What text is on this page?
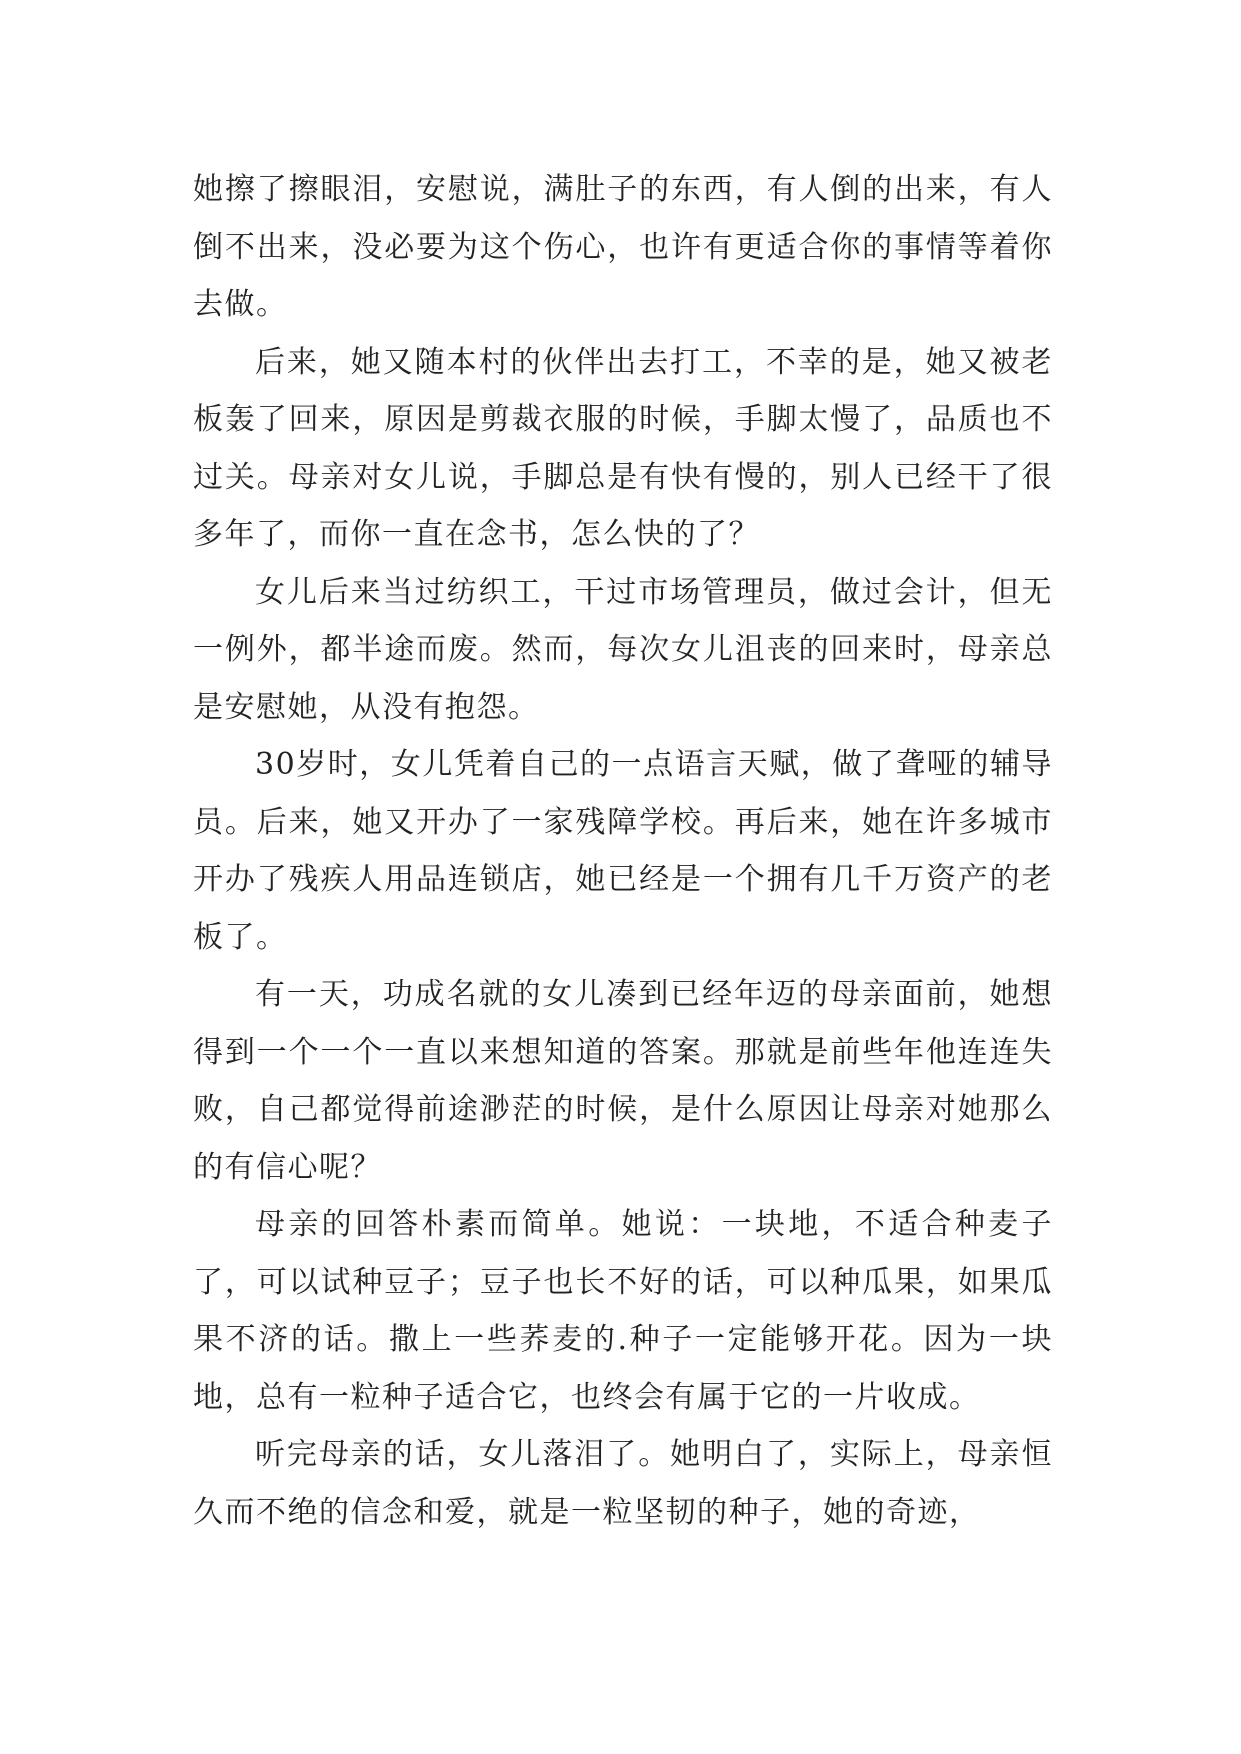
她擦了擦眼泪，安慰说，满肚子的东西，有人倒的出来，有人倒不出来，没必要为这个伤心，也许有更适合你的事情等着你去做。

后来，她又随本村的伙伴出去打工，不幸的是，她又被老板轰了回来，原因是剪裁衣服的时候，手脚太慢了，品质也不过关。母亲对女儿说，手脚总是有快有慢的，别人已经干了很多年了，而你一直在念书，怎么快的了？

女儿后来当过纺织工，干过市场管理员，做过会计，但无一例外，都半途而废。然而，每次女儿沮丧的回来时，母亲总是安慰她，从没有抱怨。

30岁时，女儿凭着自己的一点语言天赋，做了聋哑的辅导员。后来，她又开办了一家残障学校。再后来，她在许多城市开办了残疾人用品连锁店，她已经是一个拥有几千万资产的老板了。

有一天，功成名就的女儿凑到已经年迈的母亲面前，她想得到一个一个一直以来想知道的答案。那就是前些年他连连失败，自己都觉得前途渺茫的时候，是什么原因让母亲对她那么的有信心呢？

母亲的回答朴素而简单。她说：一块地，不适合种麦子了，可以试种豆子；豆子也长不好的话，可以种瓜果，如果瓜果不济的话。撒上一些荞麦的.种子一定能够开花。因为一块地，总有一粒种子适合它，也终会有属于它的一片收成。

听完母亲的话，女儿落泪了。她明白了，实际上，母亲恒久而不绝的信念和爱，就是一粒坚韧的种子，她的奇迹，
